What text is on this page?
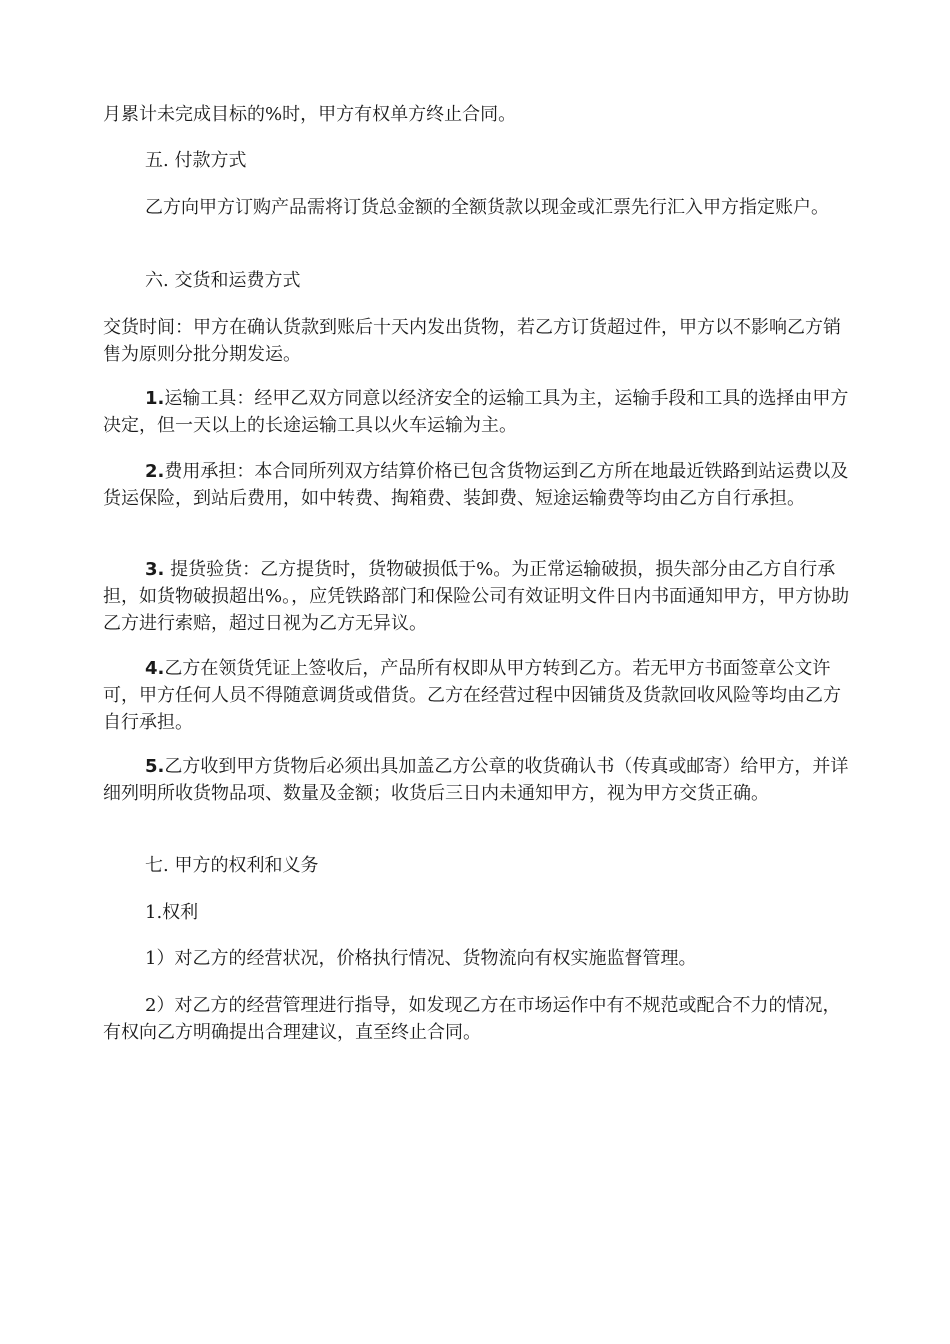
月累计未完成目标的%时，甲方有权单方终止合同。

五. 付款方式

乙方向甲方订购产品需将订货总金额的全额货款以现金或汇票先行汇入甲方指定账户。

六. 交货和运费方式

交货时间：甲方在确认货款到账后十天内发出货物，若乙方订货超过件，甲方以不影响乙方销售为原则分批分期发运。

1.运输工具：经甲乙双方同意以经济安全的运输工具为主，运输手段和工具的选择由甲方决定，但一天以上的长途运输工具以火车运输为主。

2.费用承担：本合同所列双方结算价格已包含货物运到乙方所在地最近铁路到站运费以及货运保险，到站后费用，如中转费、掏箱费、装卸费、短途运输费等均由乙方自行承担。

3. 提货验货：乙方提货时，货物破损低于%。为正常运输破损，损失部分由乙方自行承担，如货物破损超出%。，应凭铁路部门和保险公司有效证明文件日内书面通知甲方，甲方协助乙方进行索赔，超过日视为乙方无异议。

4.乙方在领货凭证上签收后，产品所有权即从甲方转到乙方。若无甲方书面签章公文许可，甲方任何人员不得随意调货或借货。乙方在经营过程中因铺货及货款回收风险等均由乙方自行承担。

5.乙方收到甲方货物后必须出具加盖乙方公章的收货确认书（传真或邮寄）给甲方，并详细列明所收货物品项、数量及金额；收货后三日内未通知甲方，视为甲方交货正确。

七. 甲方的权利和义务

1.权利

1）对乙方的经营状况，价格执行情况、货物流向有权实施监督管理。

2）对乙方的经营管理进行指导，如发现乙方在市场运作中有不规范或配合不力的情况，有权向乙方明确提出合理建议，直至终止合同。
